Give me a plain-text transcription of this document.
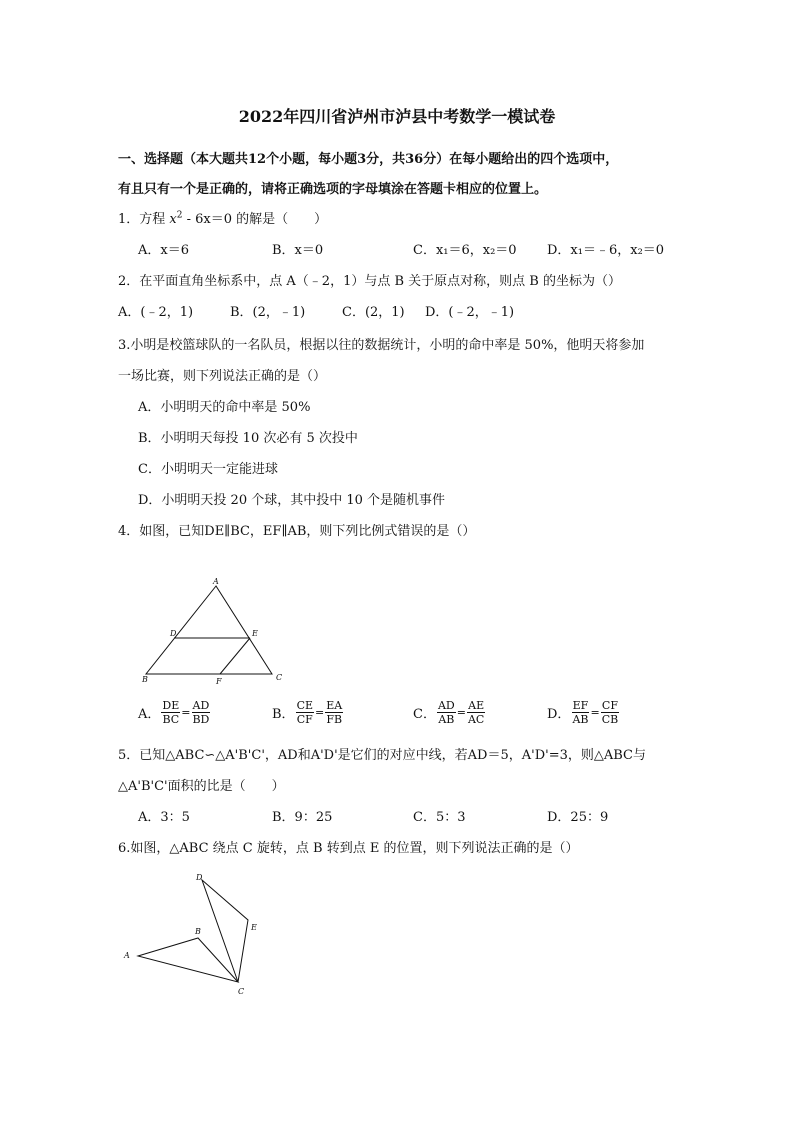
2022年四川省泸州市泸县中考数学一模试卷
一、选择题（本大题共12个小题，每小题3分，共36分）在每小题给出的四个选项中，
有且只有一个是正确的，请将正确选项的字母填涂在答题卡相应的位置上。
1．方程 $x^2 - 6x=0$ 的解是（　　）
A．x＝6	B．x＝0	C．x₁＝6，x₂＝0 D．x₁＝﹣6，x₂＝0
2．在平面直角坐标系中，点 A（﹣2，1）与点 B 关于原点对称，则点 B 的坐标为（）
A．(﹣2，1)	B．(2，﹣1)	C．(2，1) D．(﹣2，﹣1)
3.小明是校篮球队的一名队员，根据以往的数据统计，小明的命中率是 50%，他明天将参加
一场比赛，则下列说法正确的是（）
A．小明明天的命中率是 50%
B．小明明天每投 10 次必有 5 次投中
C．小明明天一定能进球
D．小明明天投 20 个球，其中投中 10 个是随机事件
4．如图，已知DE∥BC，EF∥AB，则下列比例式错误的是（）
A
D	E
B	F	C
A． $\frac{DE}{BC} = \frac{AD}{BD}$	B． $\frac{CE}{CF} = \frac{EA}{FB}$	C． $\frac{AD}{AB} = \frac{AE}{AC}$	D． $\frac{EF}{AB} = \frac{CF}{CB}$
5．已知△ABC∽△A'B'C'，AD和A'D'是它们的对应中线，若AD＝5，A'D'=3，则△ABC与
△A'B'C'面积的比是（　　）
A．3：5	B．9：25	C．5：3	D．25：9
6.如图，△ABC 绕点 C 旋转，点 B 转到点 E 的位置，则下列说法正确的是（）
D
E
B
A
C
